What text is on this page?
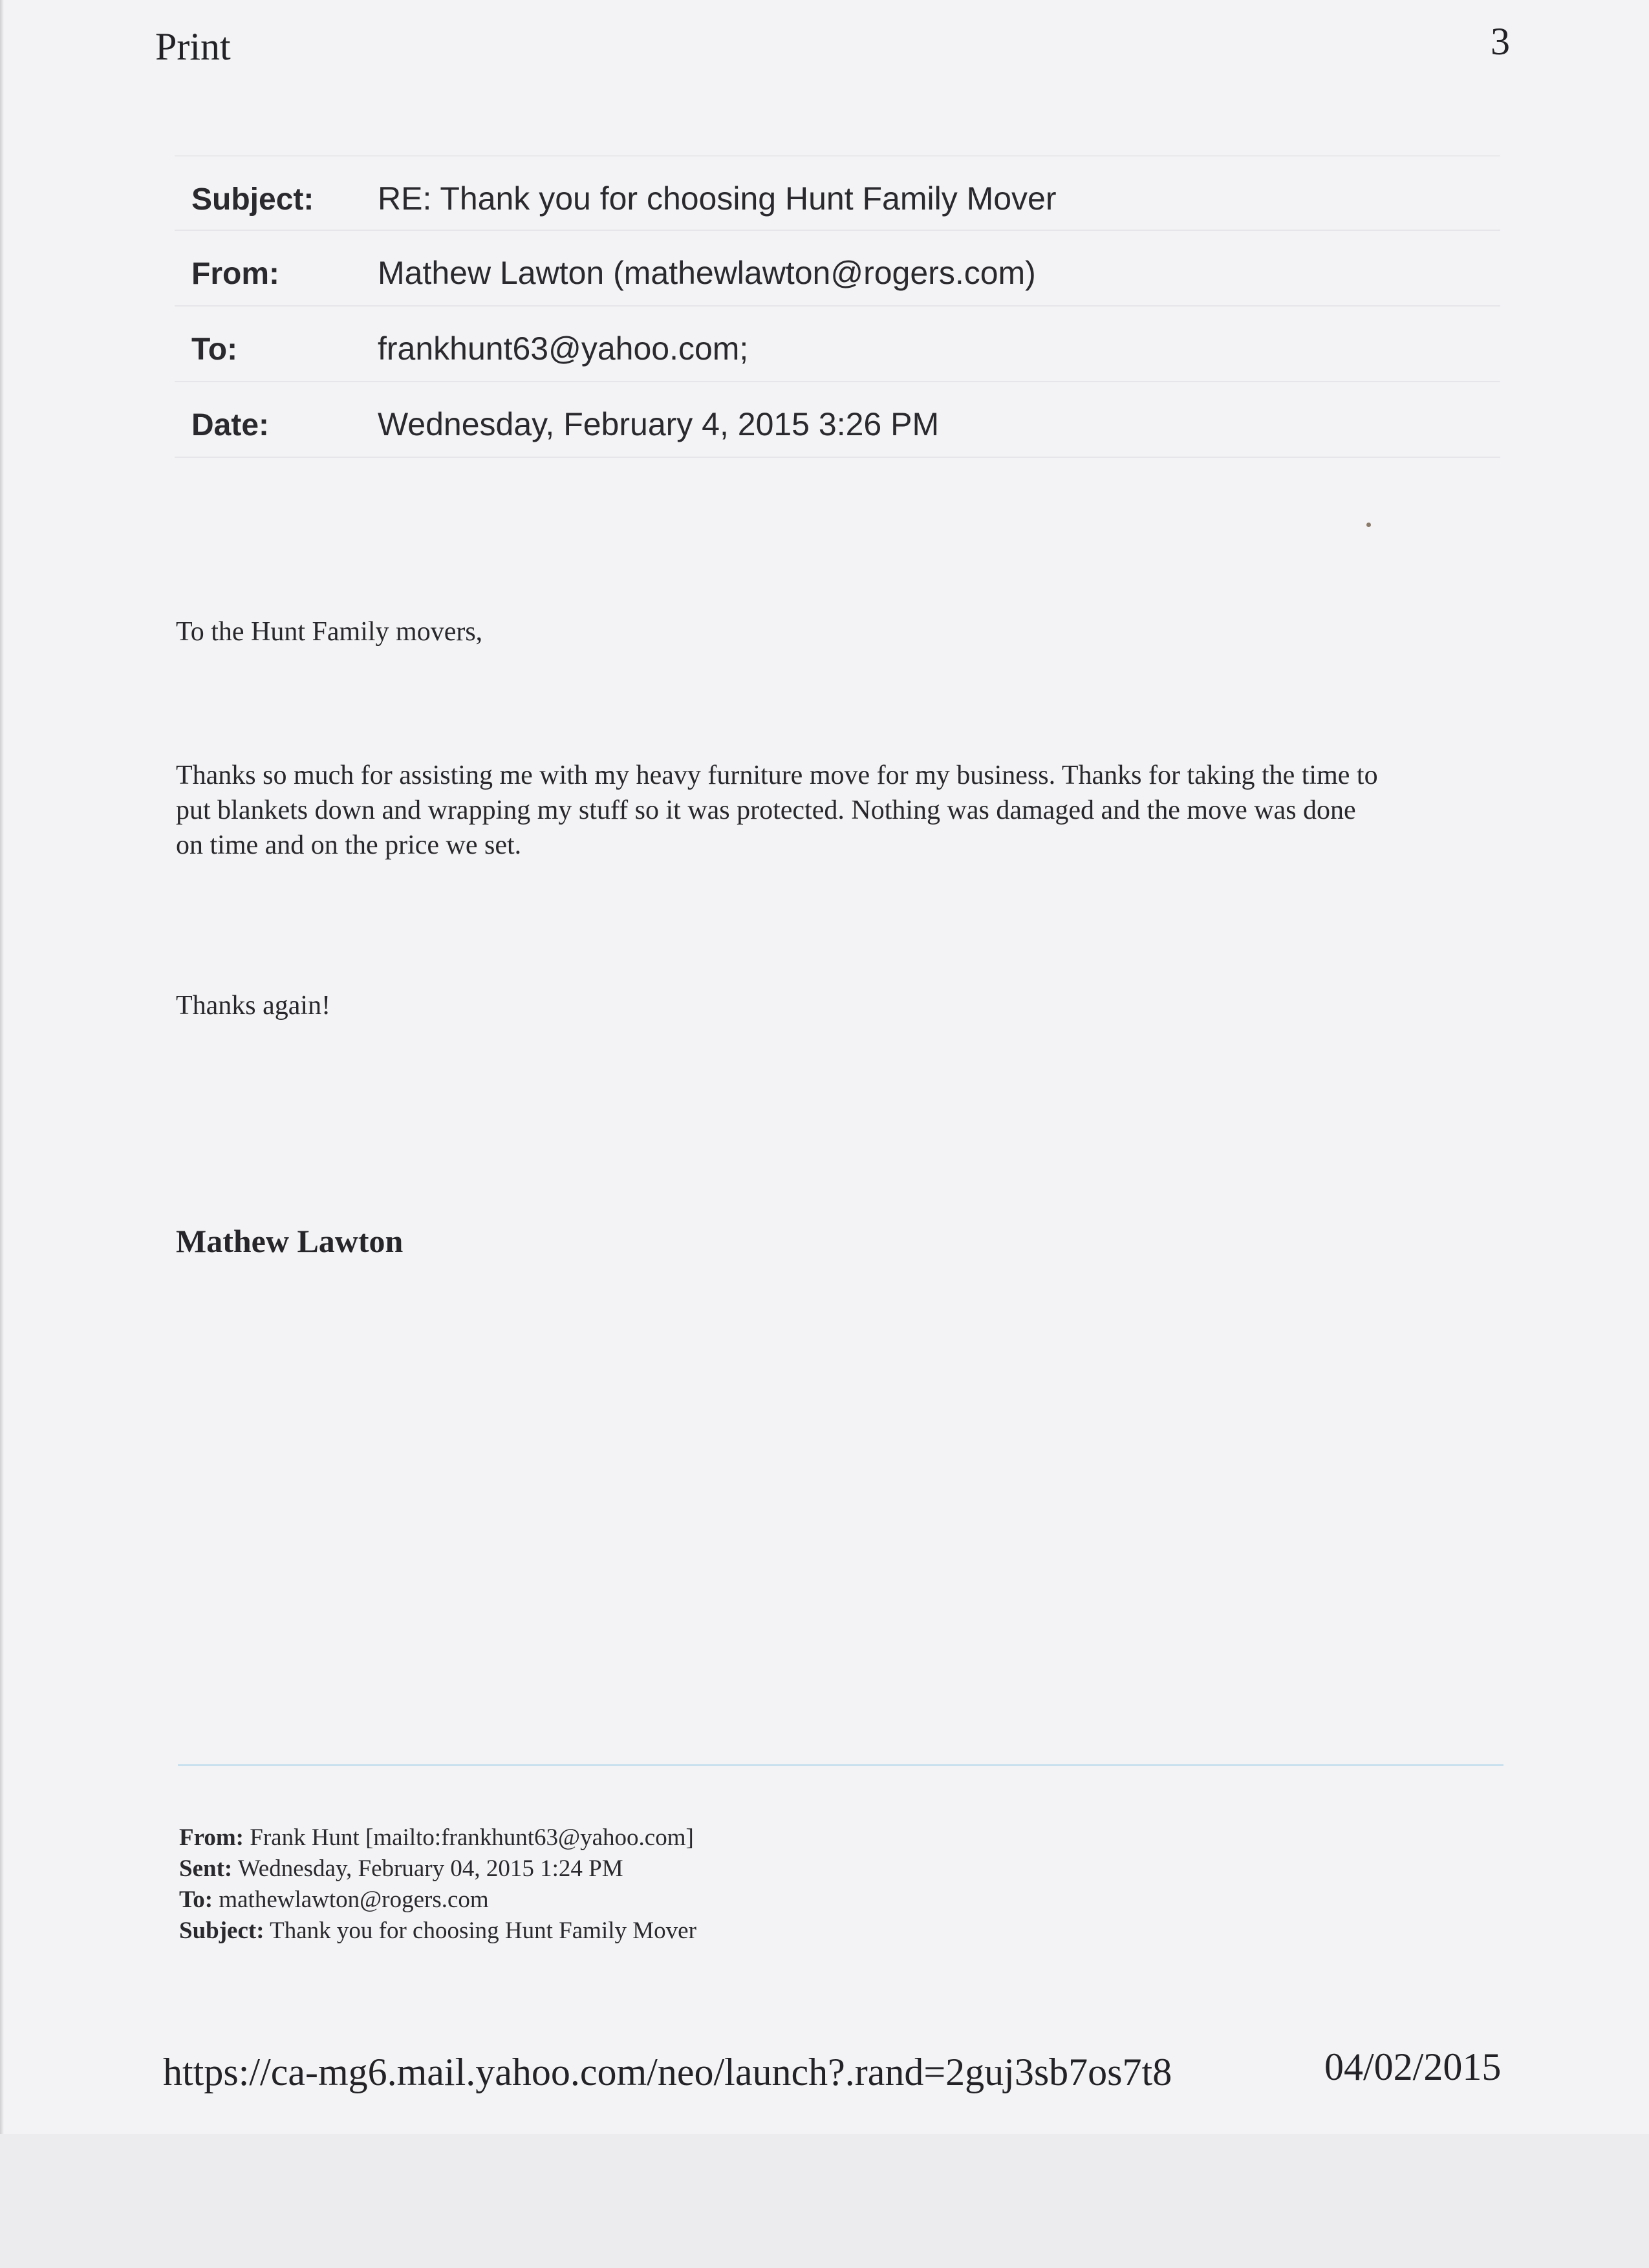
Print	3
Subject:	RE: Thank you for choosing Hunt Family Mover
From:	Mathew Lawton (mathewlawton@rogers.com)
To:	frankhunt63@yahoo.com;
Date:	Wednesday, February 4, 2015 3:26 PM
To the Hunt Family movers,
Thanks so much for assisting me with my heavy furniture move for my business. Thanks for taking the time to
put blankets down and wrapping my stuff so it was protected. Nothing was damaged and the move was done
on time and on the price we set.
Thanks again!
Mathew Lawton
From: Frank Hunt [mailto:frankhunt63@yahoo.com]
Sent: Wednesday, February 04, 2015 1:24 PM
To: mathewlawton@rogers.com
Subject: Thank you for choosing Hunt Family Mover
https://ca-mg6.mail.yahoo.com/neo/launch?.rand=2guj3sb7os7t8	04/02/2015
